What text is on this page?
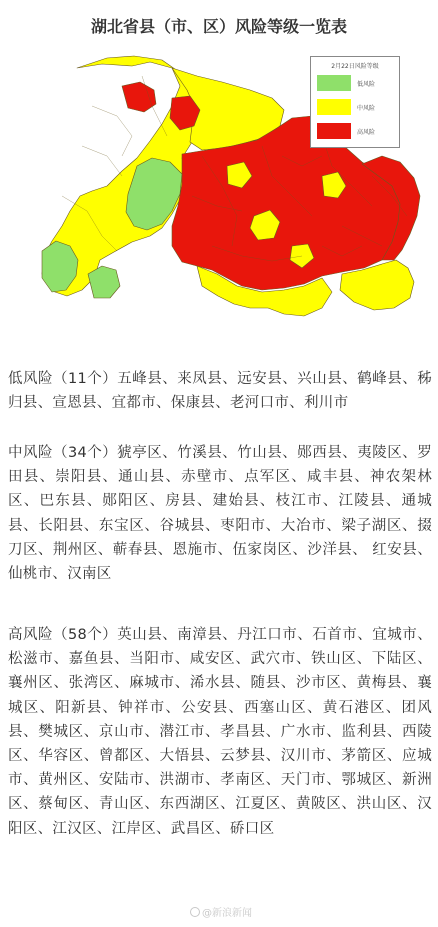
湖北省县（市、区）风险等级一览表
2月22日风险等级
低风险
中风险
高风险
低风险（11个）五峰县、来凤县、远安县、兴山县、鹤峰县、秭归县、宣恩县、宜都市、保康县、老河口市、利川市
中风险（34个）猇亭区、竹溪县、竹山县、郧西县、夷陵区、罗田县、崇阳县、通山县、赤壁市、点军区、咸丰县、神农架林区、巴东县、郧阳区、房县、建始县、枝江市、江陵县、通城县、长阳县、东宝区、谷城县、枣阳市、大冶市、梁子湖区、掇刀区、荆州区、蕲春县、恩施市、伍家岗区、沙洋县、 红安县、仙桃市、汉南区
高风险（58个）英山县、南漳县、丹江口市、石首市、宜城市、松滋市、嘉鱼县、当阳市、咸安区、武穴市、铁山区、下陆区、襄州区、张湾区、麻城市、浠水县、随县、沙市区、黄梅县、襄城区、阳新县、钟祥市、公安县、西塞山区、黄石港区、团风县、樊城区、京山市、潜江市、孝昌县、广水市、监利县、西陵区、华容区、曾都区、大悟县、云梦县、汉川市、茅箭区、应城市、黄州区、安陆市、洪湖市、孝南区、天门市、鄂城区、新洲区、蔡甸区、青山区、东西湖区、江夏区、黄陂区、洪山区、汉阳区、江汉区、江岸区、武昌区、硚口区
@新浪新闻
